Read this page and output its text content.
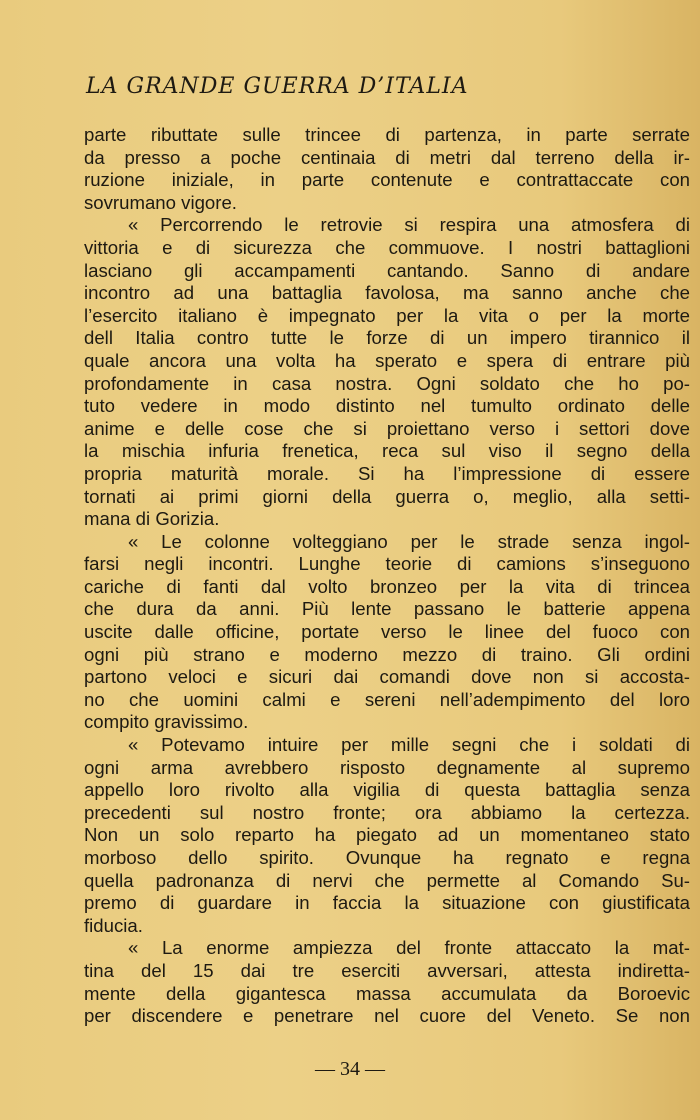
LA GRANDE GUERRA D’ITALIA
parte ributtate sulle trincee di partenza, in parte serrate
da presso a poche centinaia di metri dal terreno della ir-
ruzione iniziale, in parte contenute e contrattaccate con
sovrumano vigore.
« Percorrendo le retrovie si respira una atmosfera di
vittoria e di sicurezza che commuove. I nostri battaglioni
lasciano gli accampamenti cantando. Sanno di andare
incontro ad una battaglia favolosa, ma sanno anche che
l’esercito italiano è impegnato per la vita o per la morte
dell Italia contro tutte le forze di un impero tirannico il
quale ancora una volta ha sperato e spera di entrare più
profondamente in casa nostra. Ogni soldato che ho po-
tuto vedere in modo distinto nel tumulto ordinato delle
anime e delle cose che si proiettano verso i settori dove
la mischia infuria frenetica, reca sul viso il segno della
propria maturità morale. Si ha l’impressione di essere
tornati ai primi giorni della guerra o, meglio, alla setti-
mana di Gorizia.
« Le colonne volteggiano per le strade senza ingol-
farsi negli incontri. Lunghe teorie di camions s’inseguono
cariche di fanti dal volto bronzeo per la vita di trincea
che dura da anni. Più lente passano le batterie appena
uscite dalle officine, portate verso le linee del fuoco con
ogni più strano e moderno mezzo di traino. Gli ordini
partono veloci e sicuri dai comandi dove non si accosta-
no che uomini calmi e sereni nell’adempimento del loro
compito gravissimo.
« Potevamo intuire per mille segni che i soldati di
ogni arma avrebbero risposto degnamente al supremo
appello loro rivolto alla vigilia di questa battaglia senza
precedenti sul nostro fronte; ora abbiamo la certezza.
Non un solo reparto ha piegato ad un momentaneo stato
morboso dello spirito. Ovunque ha regnato e regna
quella padronanza di nervi che permette al Comando Su-
premo di guardare in faccia la situazione con giustificata
fiducia.
« La enorme ampiezza del fronte attaccato la mat-
tina del 15 dai tre eserciti avversari, attesta indiretta-
mente della gigantesca massa accumulata da Boroevic
per discendere e penetrare nel cuore del Veneto. Se non
— 34 —
